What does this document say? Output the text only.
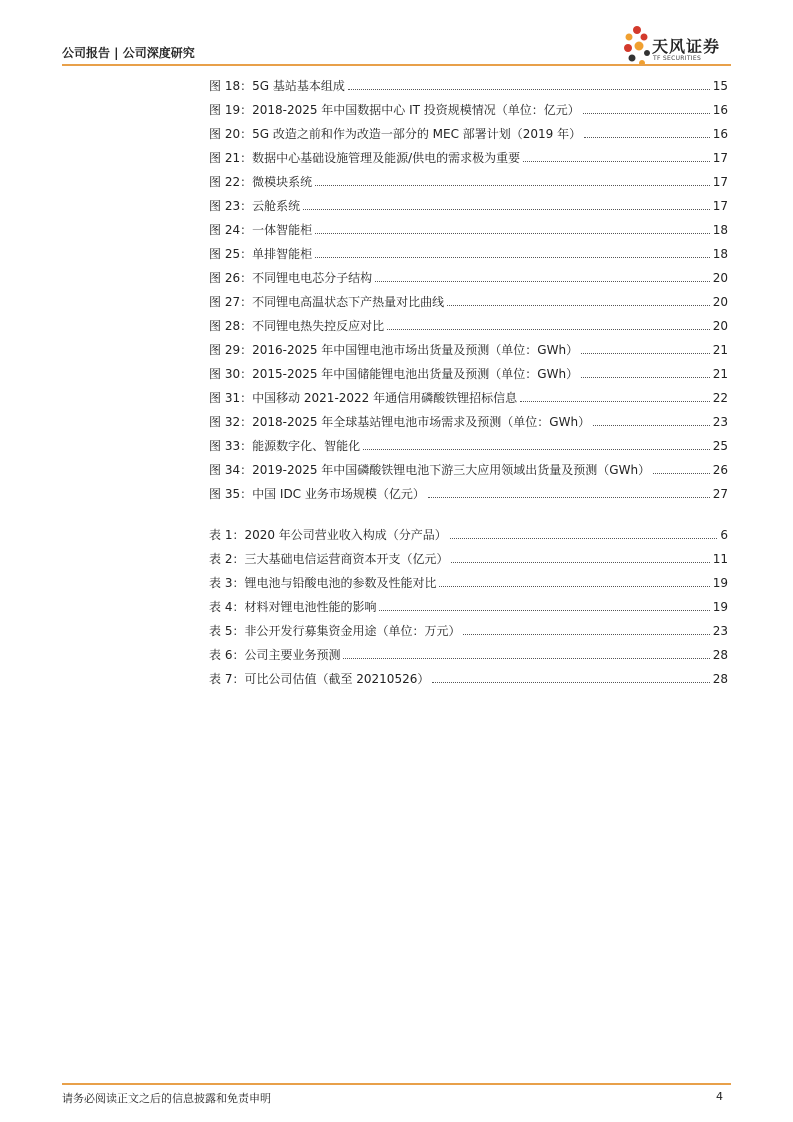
公司报告 | 公司深度研究	天风证券
TF SECURITIES
图 18：5G 基站基本组成	15
图 19：2018-2025 年中国数据中心 IT 投资规模情况（单位：亿元）	16
图 20：5G 改造之前和作为改造一部分的 MEC 部署计划（2019 年）	16
图 21：数据中心基础设施管理及能源/供电的需求极为重要	17
图 22：微模块系统	17
图 23：云舱系统	17
图 24：一体智能柜	18
图 25：单排智能柜	18
图 26：不同锂电电芯分子结构	20
图 27：不同锂电高温状态下产热量对比曲线	20
图 28：不同锂电热失控反应对比	20
图 29：2016-2025 年中国锂电池市场出货量及预测（单位：GWh）	21
图 30：2015-2025 年中国储能锂电池出货量及预测（单位：GWh）	21
图 31：中国移动 2021-2022 年通信用磷酸铁锂招标信息	22
图 32：2018-2025 年全球基站锂电池市场需求及预测（单位：GWh）	23
图 33：能源数字化、智能化	25
图 34：2019-2025 年中国磷酸铁锂电池下游三大应用领域出货量及预测（GWh）	26
图 35：中国 IDC 业务市场规模（亿元）	27
表 1：2020 年公司营业收入构成（分产品）	6
表 2：三大基础电信运营商资本开支（亿元）	11
表 3：锂电池与铅酸电池的参数及性能对比	19
表 4：材料对锂电池性能的影响	19
表 5：非公开发行募集资金用途（单位：万元）	23
表 6：公司主要业务预测	28
表 7：可比公司估值（截至 20210526）	28
请务必阅读正文之后的信息披露和免责申明	4
